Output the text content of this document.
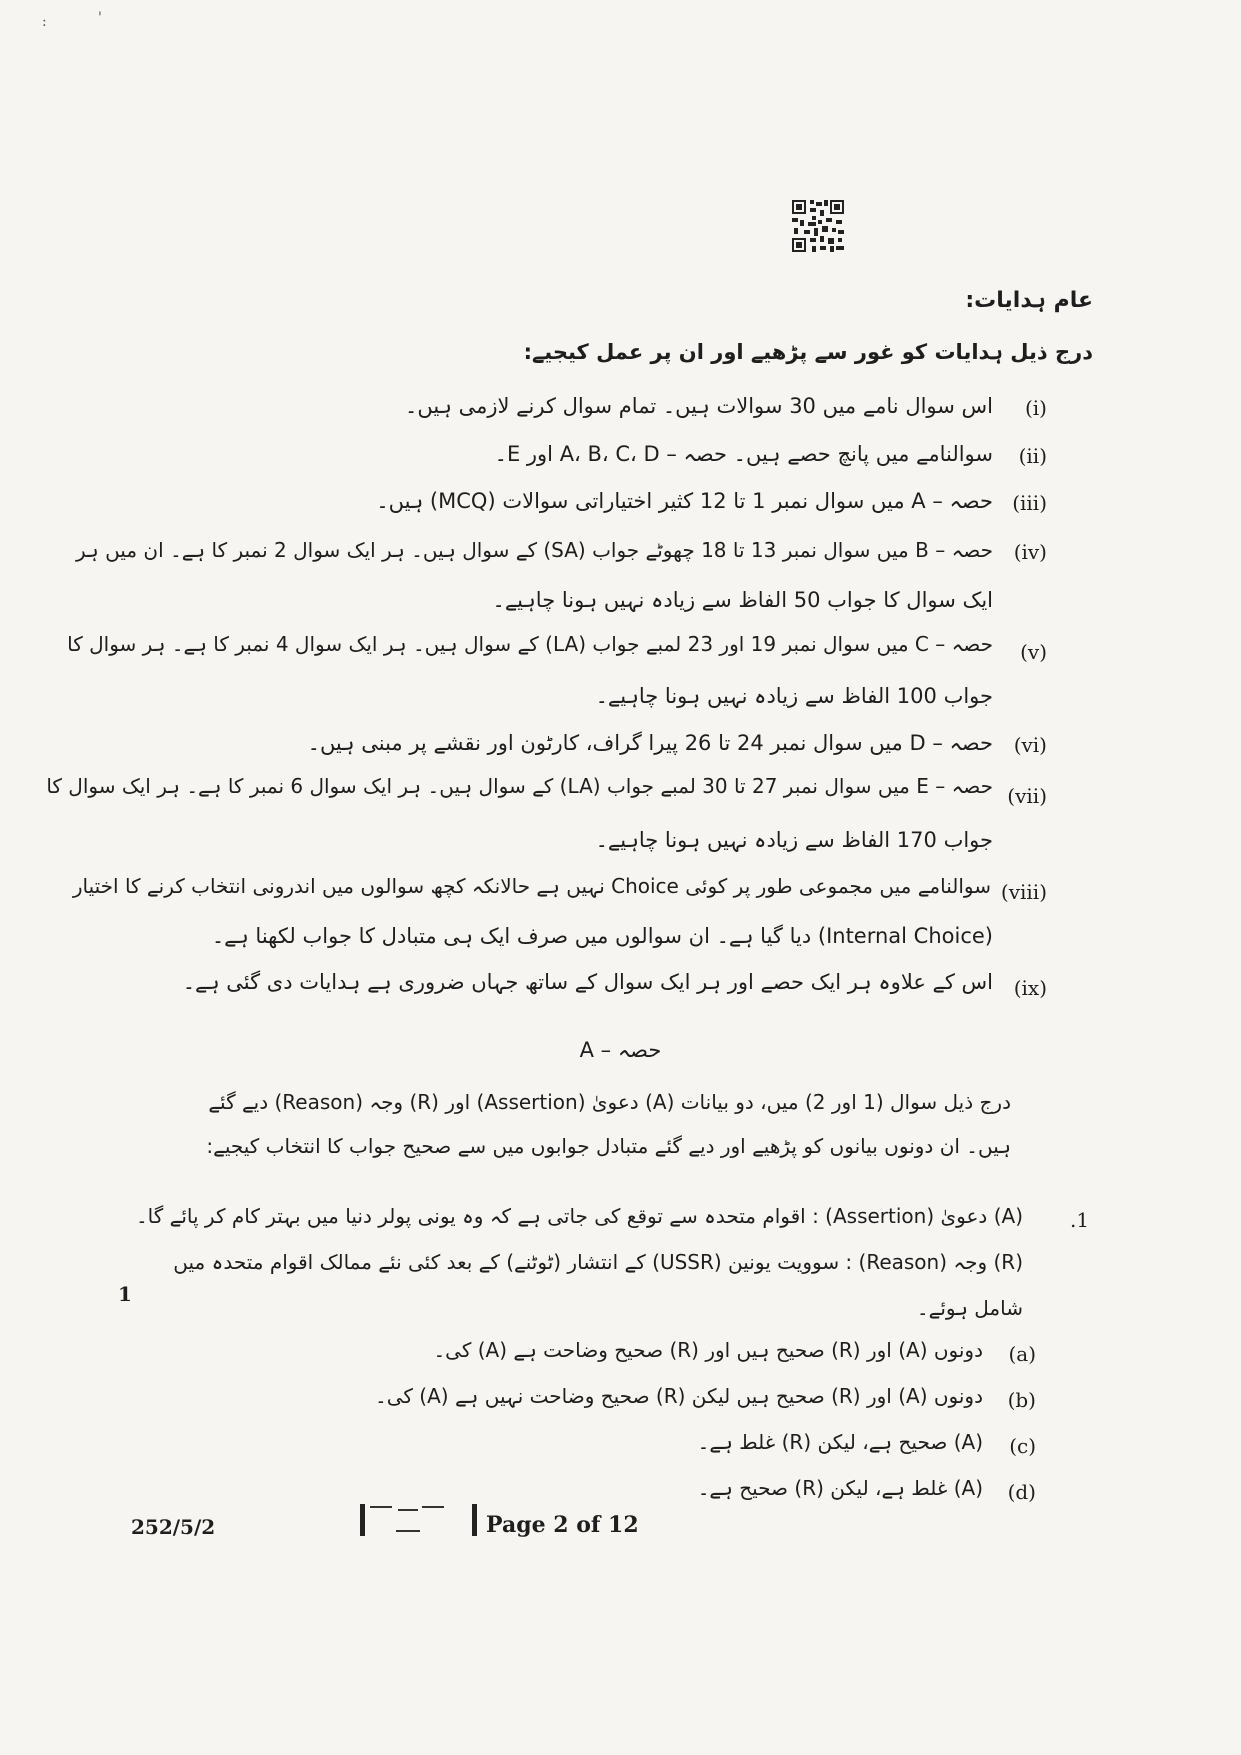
:	'
عام ہدایات:
درج ذیل ہدایات کو غور سے پڑھیے اور ان پر عمل کیجیے:
(i)
اس سوال نامے میں 30 سوالات ہیں۔ تمام سوال کرنے لازمی ہیں۔
(ii)
سوالنامے میں پانچ حصے ہیں۔ حصہ – A، B، C، D اور E۔
(iii)
حصہ – A میں سوال نمبر 1 تا 12 کثیر اختیاراتی سوالات (MCQ) ہیں۔
(iv)
حصہ – B میں سوال نمبر 13 تا 18 چھوٹے جواب (SA) کے سوال ہیں۔ ہر ایک سوال 2 نمبر کا ہے۔ ان میں ہر
ایک سوال کا جواب 50 الفاظ سے زیادہ نہیں ہونا چاہیے۔
(v)
حصہ – C میں سوال نمبر 19 اور 23 لمبے جواب (LA) کے سوال ہیں۔ ہر ایک سوال 4 نمبر کا ہے۔ ہر سوال کا
جواب 100 الفاظ سے زیادہ نہیں ہونا چاہیے۔
(vi)
حصہ – D میں سوال نمبر 24 تا 26 پیرا گراف، کارٹون اور نقشے پر مبنی ہیں۔
(vii)
حصہ – E میں سوال نمبر 27 تا 30 لمبے جواب (LA) کے سوال ہیں۔ ہر ایک سوال 6 نمبر کا ہے۔ ہر ایک سوال کا
جواب 170 الفاظ سے زیادہ نہیں ہونا چاہیے۔
(viii)
سوالنامے میں مجموعی طور پر کوئی Choice نہیں ہے حالانکہ کچھ سوالوں میں اندرونی انتخاب کرنے کا اختیار
(Internal Choice) دیا گیا ہے۔ ان سوالوں میں صرف ایک ہی متبادل کا جواب لکھنا ہے۔
(ix)
اس کے علاوہ ہر ایک حصے اور ہر ایک سوال کے ساتھ جہاں ضروری ہے ہدایات دی گئی ہے۔
حصہ – A
درج ذیل سوال (1 اور 2) میں، دو بیانات (A) دعویٰ (Assertion) اور (R) وجہ (Reason) دیے گئے
ہیں۔ ان دونوں بیانوں کو پڑھیے اور دیے گئے متبادل جوابوں میں سے صحیح جواب کا انتخاب کیجیے:
.1
(A) دعویٰ (Assertion) : اقوام متحدہ سے توقع کی جاتی ہے کہ وہ یونی پولر دنیا میں بہتر کام کر پائے گا۔
(R) وجہ (Reason) : سوویت یونین (USSR) کے انتشار (ٹوٹنے) کے بعد کئی نئے ممالک اقوام متحدہ میں
1
شامل ہوئے۔
(a)
دونوں (A) اور (R) صحیح ہیں اور (R) صحیح وضاحت ہے (A) کی۔
(b)
دونوں (A) اور (R) صحیح ہیں لیکن (R) صحیح وضاحت نہیں ہے (A) کی۔
(c)
(A) صحیح ہے، لیکن (R) غلط ہے۔
(d)
(A) غلط ہے، لیکن (R) صحیح ہے۔
252/5/2	Page 2 of 12
